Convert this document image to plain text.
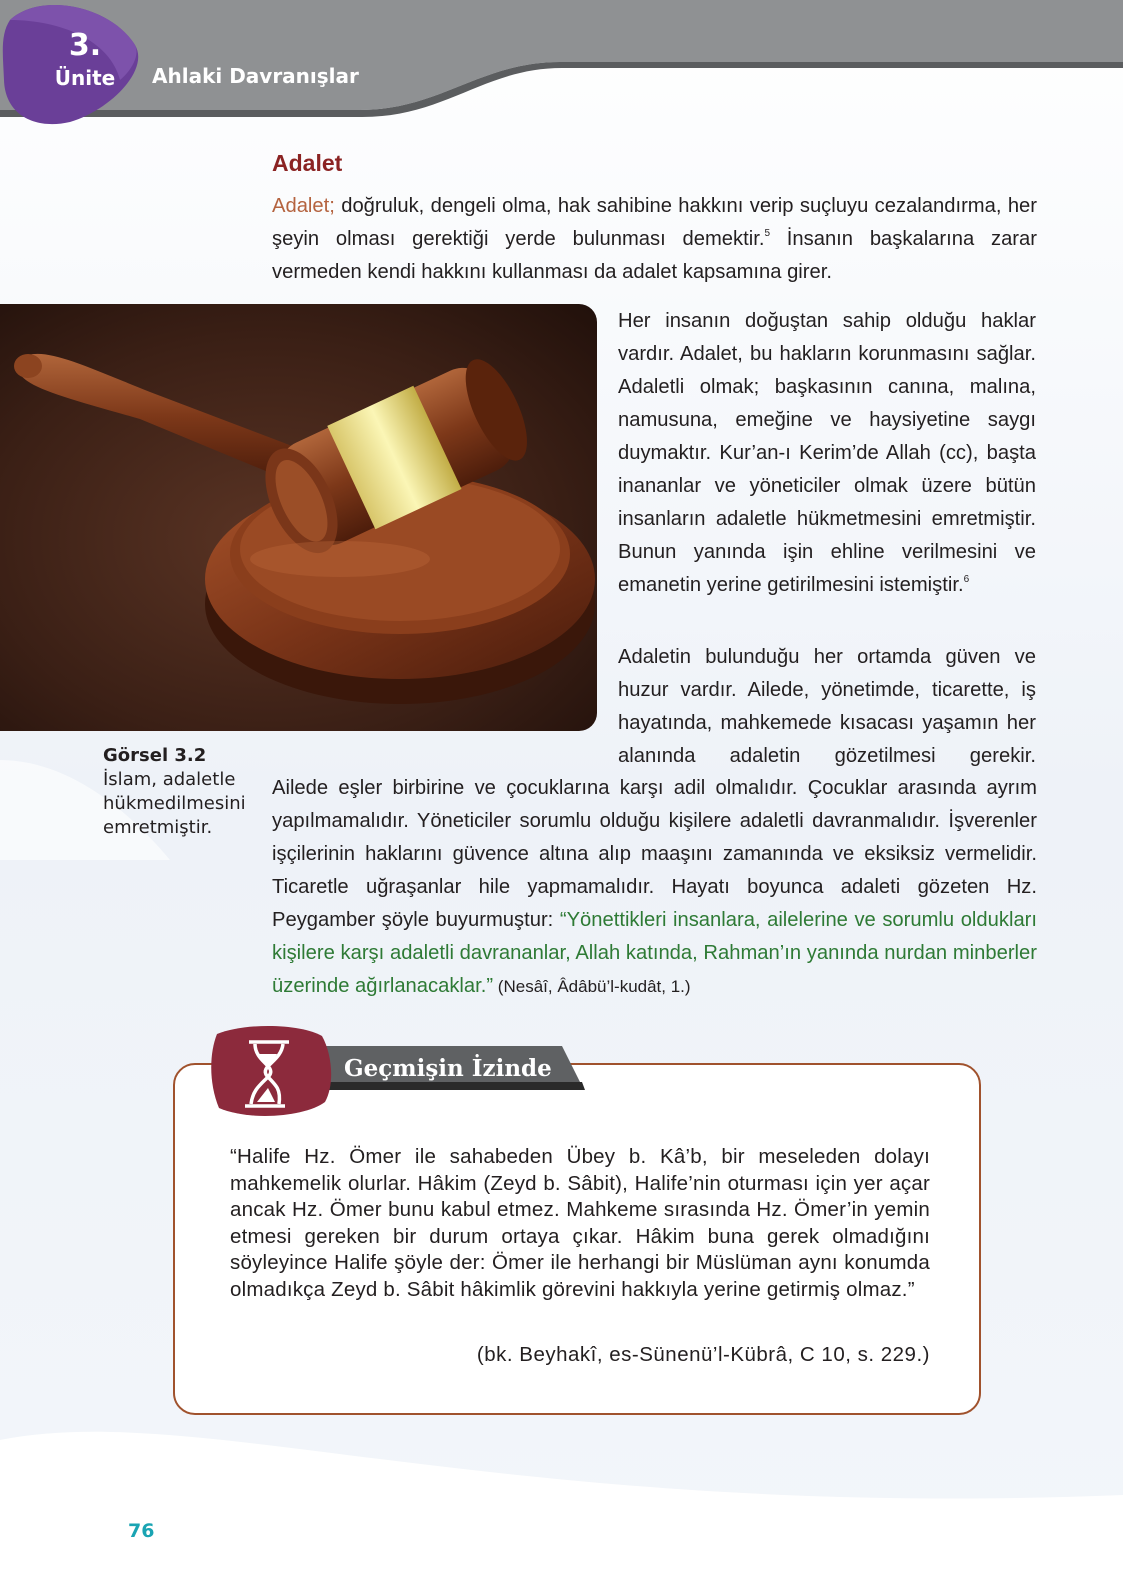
3.
Ünite	Ahlaki Davranışlar
Adalet

Adalet; doğruluk, dengeli olma, hak sahibine hakkını verip suçluyu cezalandırma, her şeyin olması gerektiği yerde bulunması demektir.$^5$ İnsanın başkalarına zarar vermeden kendi hakkını kullanması da adalet kapsamına girer.

Her insanın doğuştan sahip olduğu haklar vardır. Adalet, bu hakların korunmasını sağlar. Adaletli olmak; başkasının canına, malına, namusuna, emeğine ve haysiyetine saygı duymaktır. Kur’an-ı Kerim’de Allah (cc), başta inananlar ve yöneticiler olmak üzere bütün insanların adaletle hükmetmesini emretmiştir. Bunun yanında işin ehline verilmesini ve emanetin yerine getirilmesini istemiştir.$^6$

Adaletin bulunduğu her ortamda güven ve huzur vardır. Ailede, yönetimde, ticarette, iş hayatında, mahkemede kısacası yaşamın her alanında adaletin gözetilmesi gerekir.

Görsel 3.2
İslam, adaletle hükmedilmesini emretmiştir.

Ailede eşler birbirine ve çocuklarına karşı adil olmalıdır. Çocuklar arasında ayrım yapılmamalıdır. Yöneticiler sorumlu olduğu kişilere adaletli davranmalıdır. İşverenler işçilerinin haklarını güvence altına alıp maaşını zamanında ve eksiksiz vermelidir. Ticaretle uğraşanlar hile yapmamalıdır. Hayatı boyunca adaleti gözeten Hz. Peygamber şöyle buyurmuştur: “Yönettikleri insanlara, ailelerine ve sorumlu oldukları kişilere karşı adaletli davrananlar, Allah katında, Rahman’ın yanında nurdan minberler üzerinde ağırlanacaklar.” (Nesâî, Âdâbü’l-kudât, 1.)

Geçmişin İzinde

“Halife Hz. Ömer ile sahabeden Übey b. Kâ’b, bir meseleden dolayı mahkemelik olurlar. Hâkim (Zeyd b. Sâbit), Halife’nin oturması için yer açar ancak Hz. Ömer bunu kabul etmez. Mahkeme sırasında Hz. Ömer’in yemin etmesi gereken bir durum ortaya çıkar. Hâkim buna gerek olmadığını söyleyince Halife şöyle der: Ömer ile herhangi bir Müslüman aynı konumda olmadıkça Zeyd b. Sâbit hâkimlik görevini hakkıyla yerine getirmiş olmaz.”

(bk. Beyhakî, es-Sünenü’l-Kübrâ, C 10, s. 229.)
76
